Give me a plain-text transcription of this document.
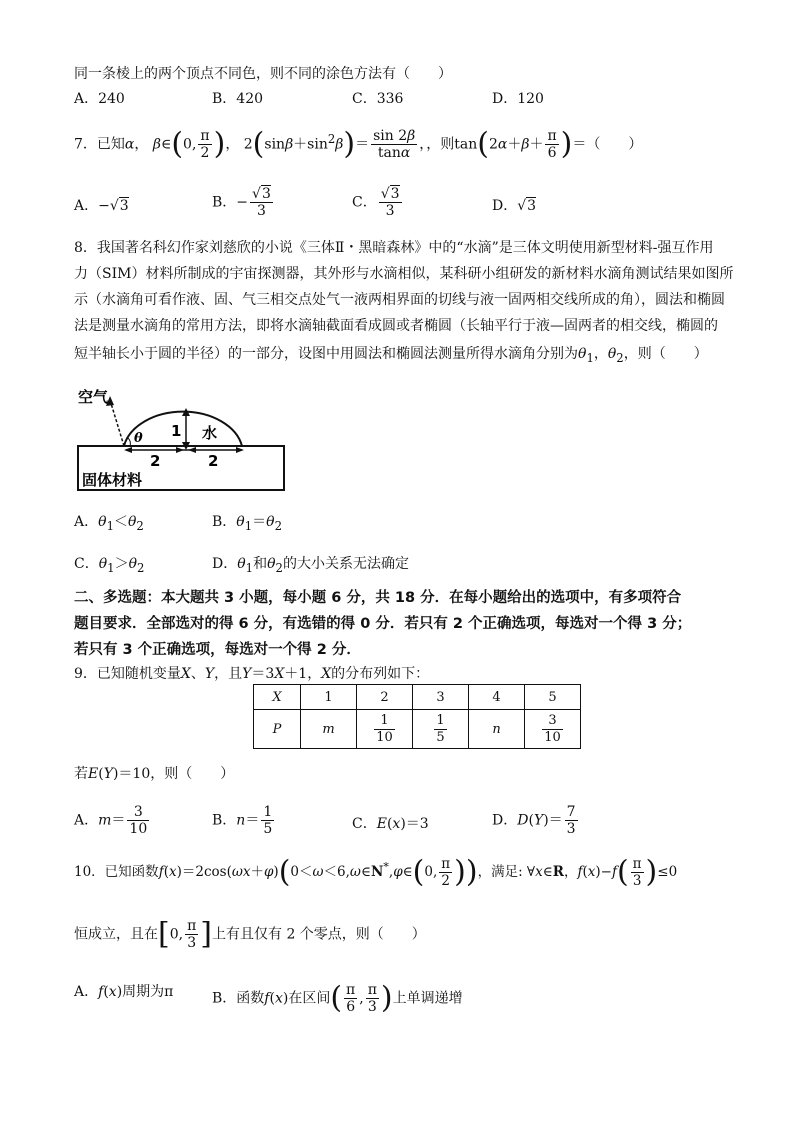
同一条棱上的两个顶点不同色，则不同的涂色方法有（　　）
A．240	B．420	C．336	D．120
7．已知α， β∈(0, $\frac{\pi}{2}$ )， $2(\sin\beta+\sin^2\beta)= \frac{\sin 2\beta}{\tan\alpha}$ ，，则$\tan(2\alpha+\beta+ \frac{\pi}{6}$ )＝（　　）
A．−√3	B．− $\frac{√3}{3}$	C． $\frac{√3}{3}$	D．√3
8．我国著名科幻作家刘慈欣的小说《三体Ⅱ・黑暗森林》中的“水滴”是三体文明使用新型材料-强互作用
力（SIM）材料所制成的宇宙探测器，其外形与水滴相似，某科研小组研发的新材料水滴角测试结果如图所
示（水滴角可看作液、固、气三相交点处气一液两相界面的切线与液一固两相交线所成的角），圆法和椭圆
法是测量水滴角的常用方法，即将水滴轴截面看成圆或者椭圆（长轴平行于液—固两者的相交线，椭圆的
短半轴长小于圆的半径）的一部分，设图中用圆法和椭圆法测量所得水滴角分别为$\theta_1$，$\theta_2$，则（　　）
空气
θ 1 水
2	2
固体材料
A．$\theta_1<\theta_2$	B．$\theta_1=\theta_2$
C．$\theta_1>\theta_2$	D．$\theta_1$和$\theta_2$的大小关系无法确定
二、多选题：本大题共 3 小题，每小题 6 分，共 18 分．在每小题给出的选项中，有多项符合
题目要求．全部选对的得 6 分，有选错的得 0 分．若只有 2 个正确选项，每选对一个得 3 分；
若只有 3 个正确选项，每选对一个得 2 分．
9．已知随机变量X、Y，且Y＝3X＋1，X的分布列如下：
X	1	2	3	4	5
P	m	$\frac{1}{10}$	$\frac{1}{5}$	n	$\frac{3}{10}$
若E(Y)＝10，则（　　）
A．$m= \frac{3}{10}$	B．$n= \frac{1}{5}$	C．E(x)＝3	D．$D(Y)= \frac{7}{3}$
10．已知函数f(x)＝2cos(ωx＋φ)(0＜ω＜6,ω∈N*,φ∈(0, $\frac{\pi}{2}$ ))，满足: ∀x∈R，$f(x)-f( \frac{\pi}{3} )\le 0$
恒成立，且在[0, $\frac{\pi}{3}$ ]上有且仅有 2 个零点，则（　　）
A．f(x)周期为π	B．函数f(x)在区间( $\frac{\pi}{6}$ , $\frac{\pi}{3}$ )上单调递增
